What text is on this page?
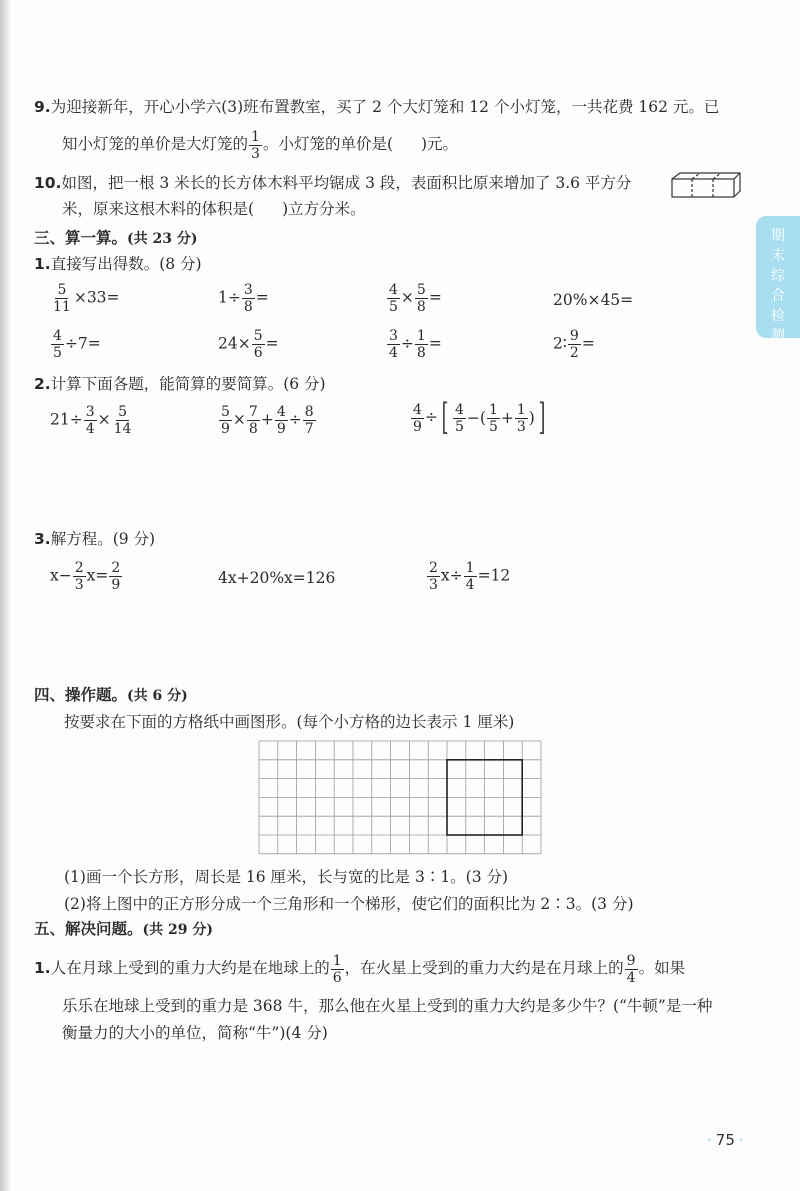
9.为迎接新年，开心小学六(3)班布置教室，买了 2 个大灯笼和 12 个小灯笼，一共花费 162 元。已
知小灯笼的单价是大灯笼的 $\frac{1}{3}$ 。小灯笼的单价是( )元。
10.如图，把一根 3 米长的长方体木料平均锯成 3 段，表面积比原来增加了 3.6 平方分
米，原来这根木料的体积是( )立方分米。
三、算一算。(共 23 分)
1.直接写出得数。(8 分)
$\frac{5}{11} \times 33=$	$1\div \frac{3}{8}$ =	$\frac{4}{5} \times \frac{5}{8}$ =	20%×45=
$\frac{4}{5} \div 7=$	$24\times \frac{5}{6}$ =	$\frac{3}{4} \div \frac{1}{8}$ =	2∶ $\frac{9}{2}$ =
2.计算下面各题，能简算的要简算。(6 分)
$21\div \frac{3}{4} \times \frac{5}{14}$	$\frac{5}{9} \times \frac{7}{8} + \frac{4}{9} \div \frac{8}{7}$	$\frac{4}{9}$ ÷ [ $\frac{4}{5}$ −( $\frac{1}{5} + \frac{1}{3}$ ) ]
3.解方程。(9 分)
$x- \frac{2}{3} x= \frac{2}{9}$	4x+20%x=126	$\frac{2}{3} x\div \frac{1}{4} =12$
四、操作题。(共 6 分)
按要求在下面的方格纸中画图形。(每个小方格的边长表示 1 厘米)
(1)画一个长方形，周长是 16 厘米，长与宽的比是 3∶1。(3 分)
(2)将上图中的正方形分成一个三角形和一个梯形，使它们的面积比为 2∶3。(3 分)
五、解决问题。(共 29 分)
1.人在月球上受到的重力大约是在地球上的 $\frac{1}{6}$ ，在火星上受到的重力大约是在月球上的 $\frac{9}{4}$ 。如果
乐乐在地球上受到的重力是 368 牛，那么他在火星上受到的重力大约是多少牛？(“牛顿”是一种
衡量力的大小的单位，简称“牛”)(4 分)
期末综合检测
· 75 ·
